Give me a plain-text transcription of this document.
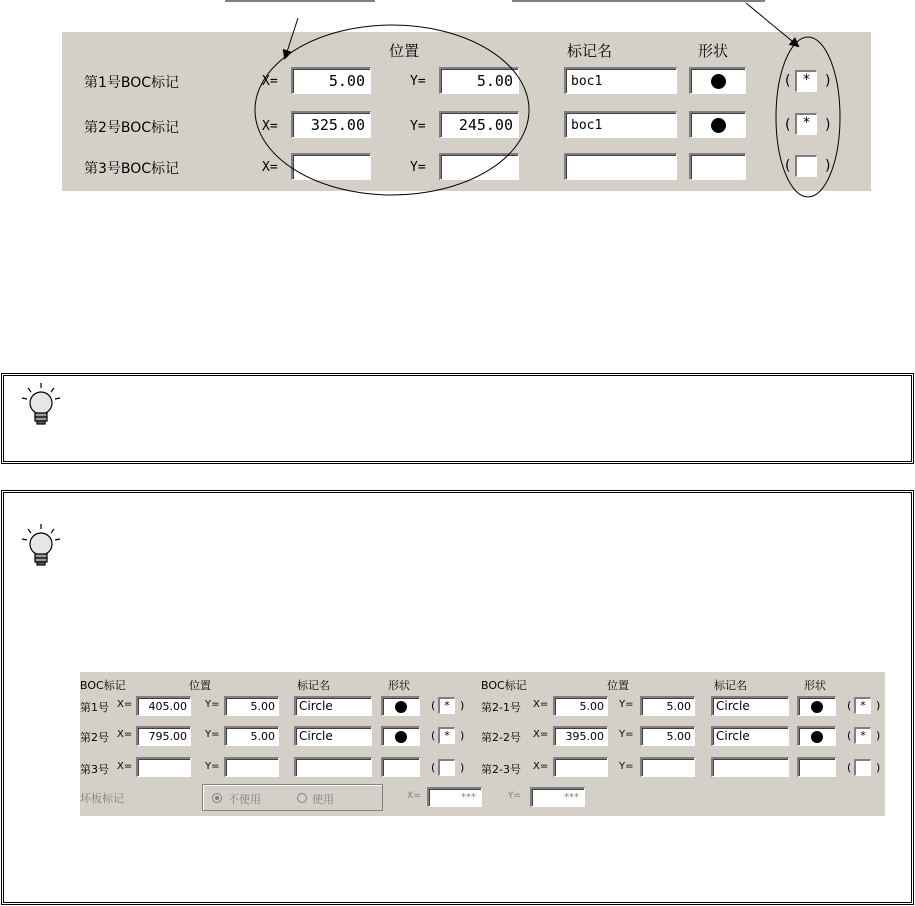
位置	标记名	形状
第1号BOC标记	X=	5.00	Y=	5.00	boc1	( *	)
第2号BOC标记	X=	325.00	Y=	245.00	boc1	( *	)
第3号BOC标记	X=	Y=	( )
BOC标记	位置	标记名	形状	BOC标记	位置	标记名	形状
第1号 X=	405.00	Y=	5.00	Circle	( * )
第2号 X=	795.00	Y=	5.00	Circle	( * )
第3号 X=	Y=	( )
第2-1号 X=	5.00	Y=	5.00	Circle	( * )
第2-2号 X=	395.00	Y=	5.00	Circle	( * )
第2-3号 X=	Y=	( )
坏板标记	不使用	使用	X=	***	Y=	***
